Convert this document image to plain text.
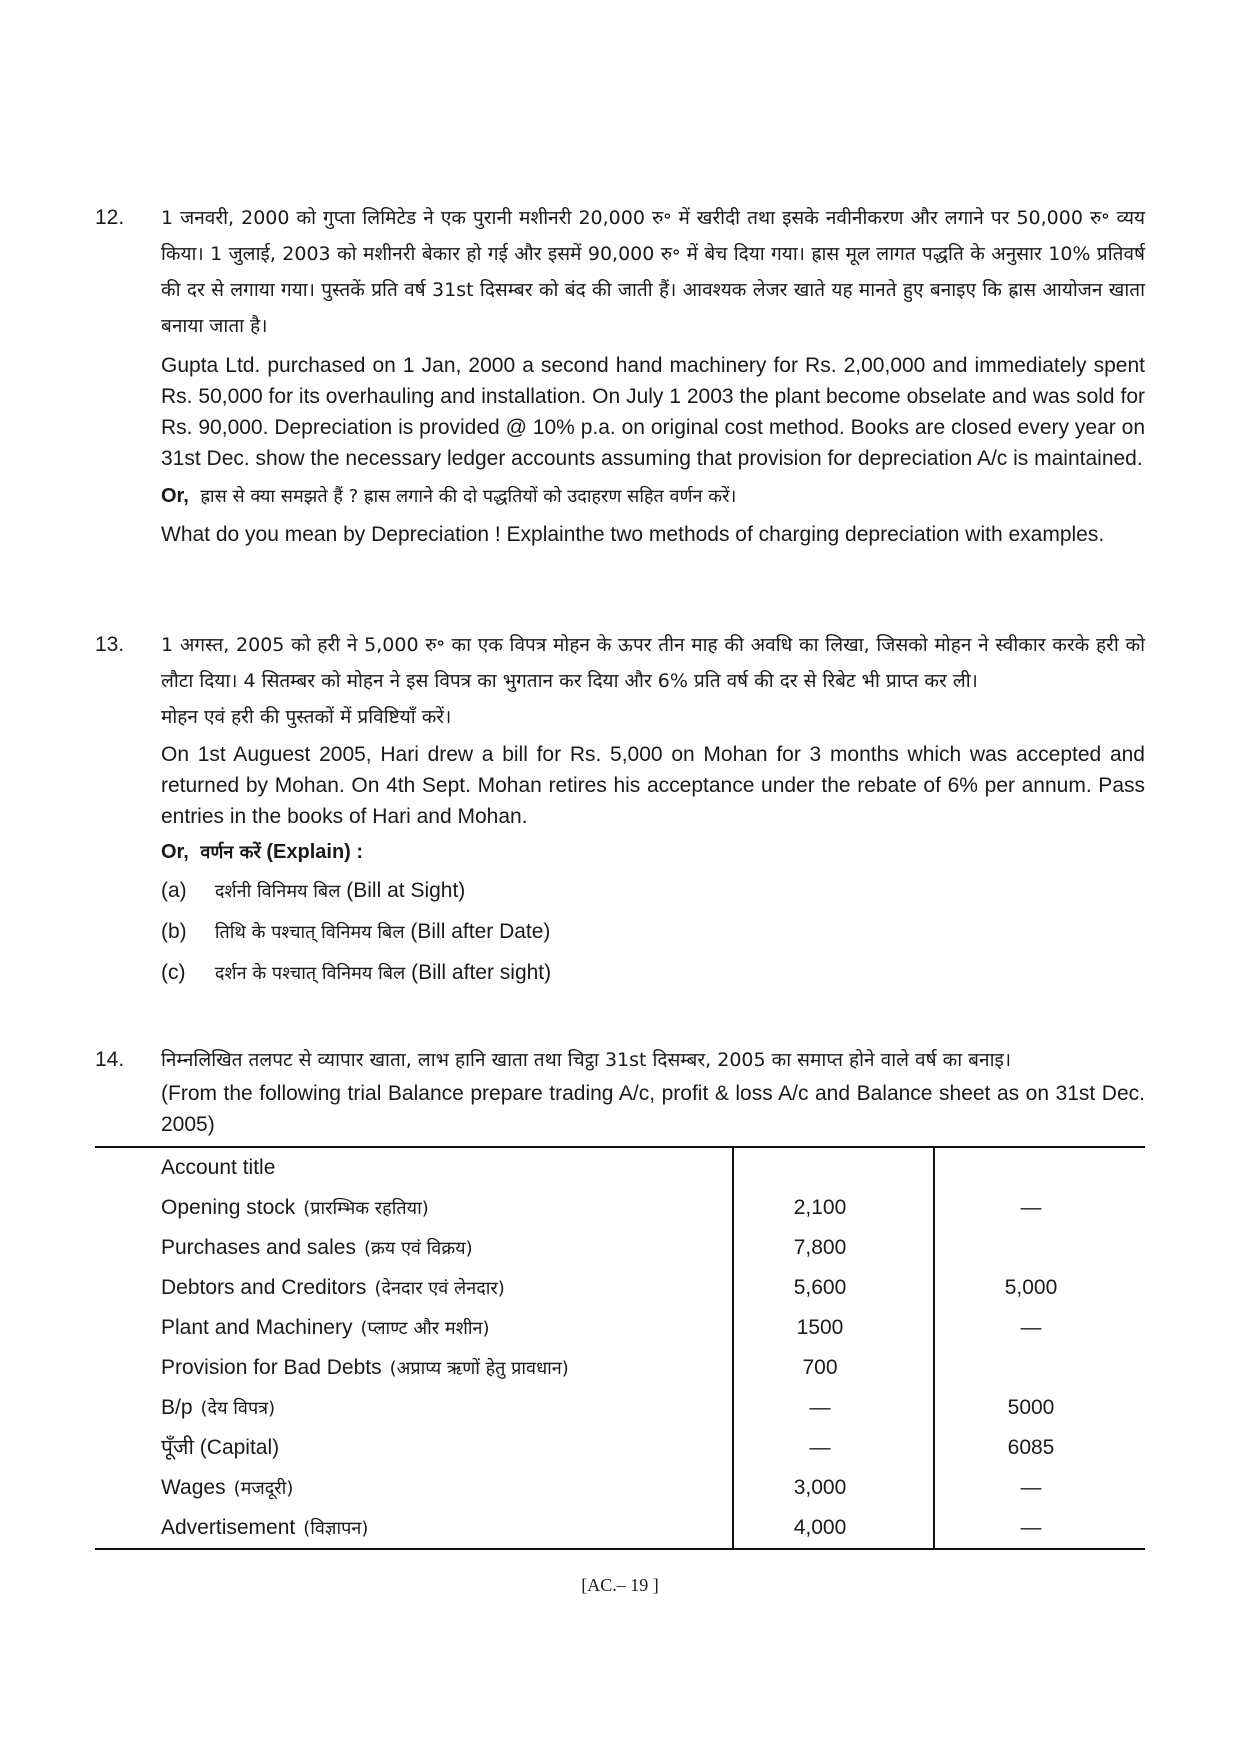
12. 1 जनवरी, 2000 को गुप्ता लिमिटेड ने एक पुरानी मशीनरी 20,000 रु॰ में खरीदी तथा इसके नवीनीकरण और लगाने पर 50,000 रु॰ व्यय किया। 1 जुलाई, 2003 को मशीनरी बेकार हो गई और इसमें 90,000 रु॰ में बेच दिया गया। ह्रास मूल लागत पद्धति के अनुसार 10% प्रतिवर्ष की दर से लगाया गया। पुस्तकें प्रति वर्ष 31st दिसम्बर को बंद की जाती हैं। आवश्यक लेजर खाते यह मानते हुए बनाइए कि ह्रास आयोजन खाता बनाया जाता है।

Gupta Ltd. purchased on 1 Jan, 2000 a second hand machinery for Rs. 2,00,000 and immediately spent Rs. 50,000 for its overhauling and installation. On July 1 2003 the plant become obselate and was sold for Rs. 90,000. Depreciation is provided @ 10% p.a. on original cost method. Books are closed every year on 31st Dec. show the necessary ledger accounts assuming that provision for depreciation A/c is maintained.

Or, ह्रास से क्या समझते हैं ? ह्रास लगाने की दो पद्धतियों को उदाहरण सहित वर्णन करें।

What do you mean by Depreciation ! Explainthe two methods of charging depreciation with examples.

13. 1 अगस्त, 2005 को हरी ने 5,000 रु॰ का एक विपत्र मोहन के ऊपर तीन माह की अवधि का लिखा, जिसको मोहन ने स्वीकार करके हरी को लौटा दिया। 4 सितम्बर को मोहन ने इस विपत्र का भुगतान कर दिया और 6% प्रति वर्ष की दर से रिबेट भी प्राप्त कर ली।

मोहन एवं हरी की पुस्तकों में प्रविष्टियाँ करें।

On 1st Auguest 2005, Hari drew a bill for Rs. 5,000 on Mohan for 3 months which was accepted and returned by Mohan. On 4th Sept. Mohan retires his acceptance under the rebate of 6% per annum. Pass entries in the books of Hari and Mohan.

Or, वर्णन करें (Explain) :

(a) दर्शनी विनिमय बिल (Bill at Sight)

(b) तिथि के पश्चात् विनिमय बिल (Bill after Date)

(c) दर्शन के पश्चात् विनिमय बिल (Bill after sight)

14. निम्नलिखित तलपट से व्यापार खाता, लाभ हानि खाता तथा चिट्ठा 31st दिसम्बर, 2005 का समाप्त होने वाले वर्ष का बनाइ।

(From the following trial Balance prepare trading A/c, profit & loss A/c and Balance sheet as on 31st Dec. 2005)

Account title
Opening stock (प्रारम्भिक रहतिया)	2,100	—
Purchases and sales (क्रय एवं विक्रय)	7,800
Debtors and Creditors (देनदार एवं लेनदार)	5,600	5,000
Plant and Machinery (प्लाण्ट और मशीन)	1500	—
Provision for Bad Debts (अप्राप्य ऋणों हेतु प्रावधान)	700
B/p (देय विपत्र)	—	5000
पूँजी (Capital)	—	6085
Wages (मजदूरी)	3,000	—
Advertisement (विज्ञापन)	4,000	—
[AC.– 19 ]
